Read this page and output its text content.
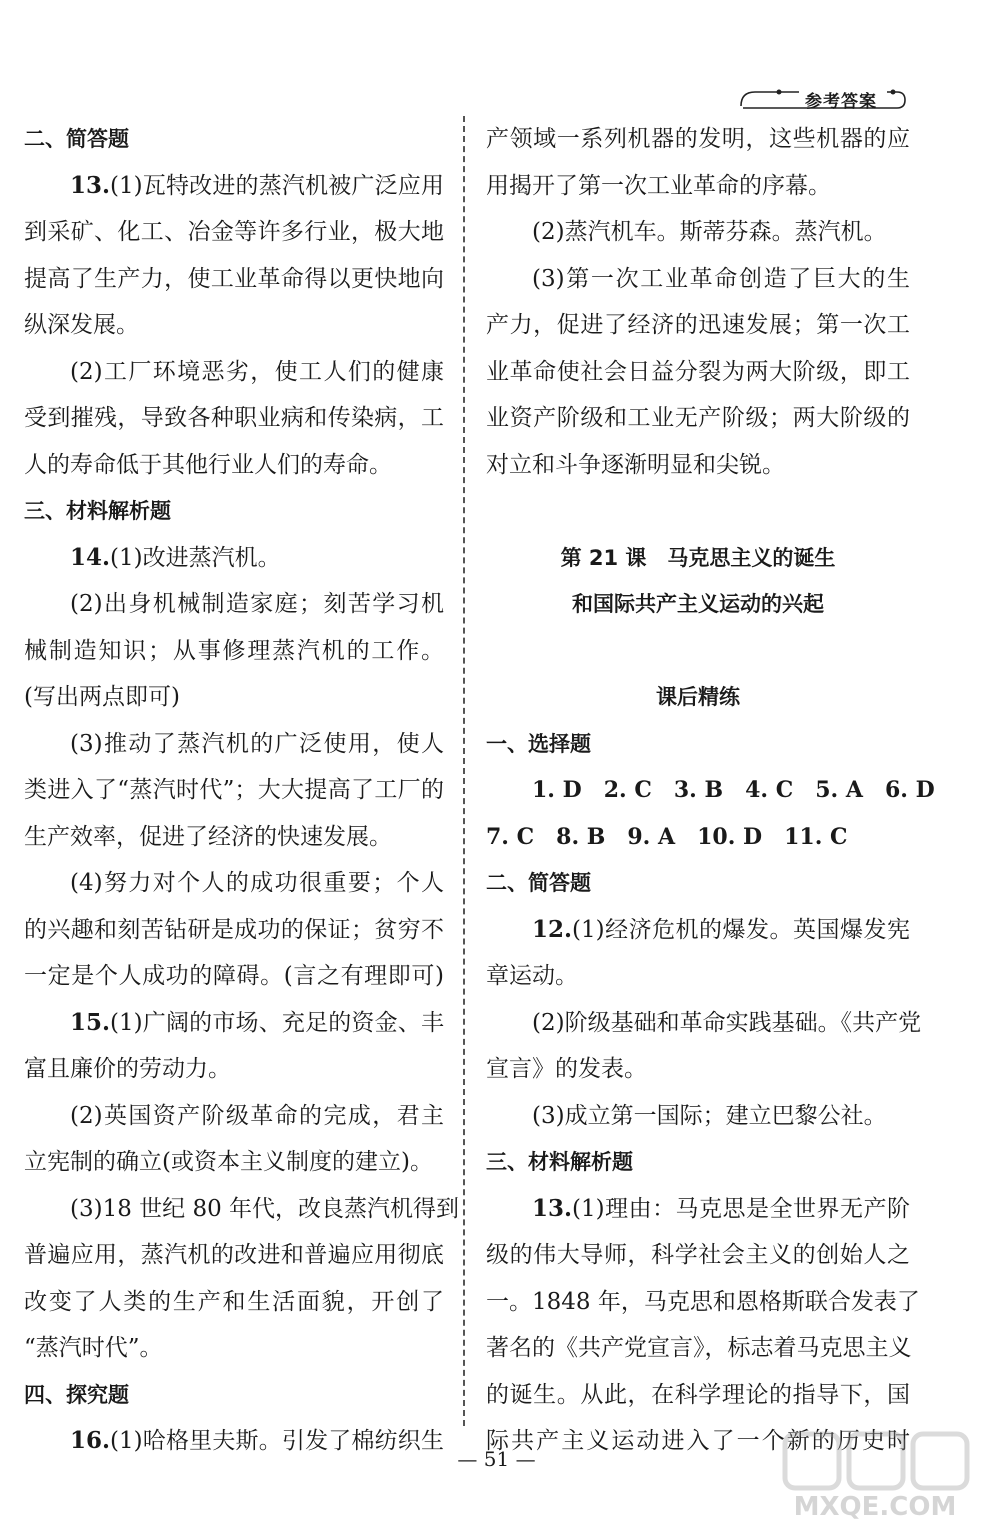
参考答案
二、简答题
13.(1)瓦特改进的蒸汽机被广泛应用
到采矿、化工、冶金等许多行业，极大地
提高了生产力，使工业革命得以更快地向
纵深发展。
(2)工厂环境恶劣，使工人们的健康
受到摧残，导致各种职业病和传染病，工
人的寿命低于其他行业人们的寿命。
三、材料解析题
14.(1)改进蒸汽机。
(2)出身机械制造家庭；刻苦学习机
械制造知识；从事修理蒸汽机的工作。
(写出两点即可)
(3)推动了蒸汽机的广泛使用，使人
类进入了“蒸汽时代”；大大提高了工厂的
生产效率，促进了经济的快速发展。
(4)努力对个人的成功很重要；个人
的兴趣和刻苦钻研是成功的保证；贫穷不
一定是个人成功的障碍。(言之有理即可)
15.(1)广阔的市场、充足的资金、丰
富且廉价的劳动力。
(2)英国资产阶级革命的完成，君主
立宪制的确立(或资本主义制度的建立)。
(3)18 世纪 80 年代，改良蒸汽机得到
普遍应用，蒸汽机的改进和普遍应用彻底
改变了人类的生产和生活面貌，开创了
“蒸汽时代”。
四、探究题
16.(1)哈格里夫斯。引发了棉纺织生
产领域一系列机器的发明，这些机器的应
用揭开了第一次工业革命的序幕。
(2)蒸汽机车。斯蒂芬森。蒸汽机。
(3)第一次工业革命创造了巨大的生
产力，促进了经济的迅速发展；第一次工
业革命使社会日益分裂为两大阶级，即工
业资产阶级和工业无产阶级；两大阶级的
对立和斗争逐渐明显和尖锐。
第 21 课　马克思主义的诞生
和国际共产主义运动的兴起
课后精练
一、选择题
1. D 2. C 3. B 4. C 5. A 6. D
7. C 8. B 9. A 10. D 11. C
二、简答题
12.(1)经济危机的爆发。英国爆发宪
章运动。
(2)阶级基础和革命实践基础。《共产党
宣言》的发表。
(3)成立第一国际；建立巴黎公社。
三、材料解析题
13.(1)理由：马克思是全世界无产阶
级的伟大导师，科学社会主义的创始人之
一。1848 年，马克思和恩格斯联合发表了
著名的《共产党宣言》，标志着马克思主义
的诞生。从此，在科学理论的指导下，国
际共产主义运动进入了一个新的历史时
— 51 —
MXQE.COM
